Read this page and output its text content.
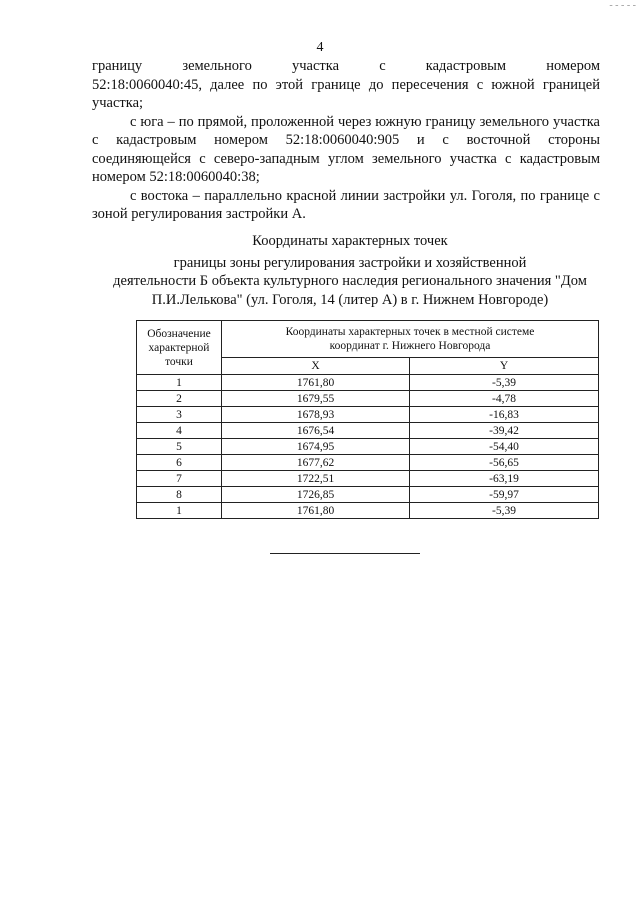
- - - - -
4

границу	земельного	участка	с кадастровым	номером

52:18:0060040:45, далее по этой границе до пересечения с южной границей участка;

с юга – по прямой, проложенной через южную границу земельного участка с кадастровым номером 52:18:0060040:905 и с восточной стороны соединяющейся с северо-западным углом земельного участка с кадастровым номером 52:18:0060040:38;

с востока – параллельно красной линии застройки ул. Гоголя, по границе с зоной регулирования застройки А.

Координаты характерных точек

границы зоны регулирования застройки и хозяйственной

деятельности Б объекта культурного наследия регионального значения "Дом

П.И.Лелькова" (ул. Гоголя, 14 (литер А) в г. Нижнем Новгороде)

Обозначение
характерной
точки	Координаты характерных точек в местной системе
координат г. Нижнего Новгорода	
	X	Y
1	1761,80	-5,39
2	1679,55	-4,78
3	1678,93	-16,83
4	1676,54	-39,42
5	1674,95	-54,40
6	1677,62	-56,65
7	1722,51	-63,19
8	1726,85	-59,97
1	1761,80	-5,39
